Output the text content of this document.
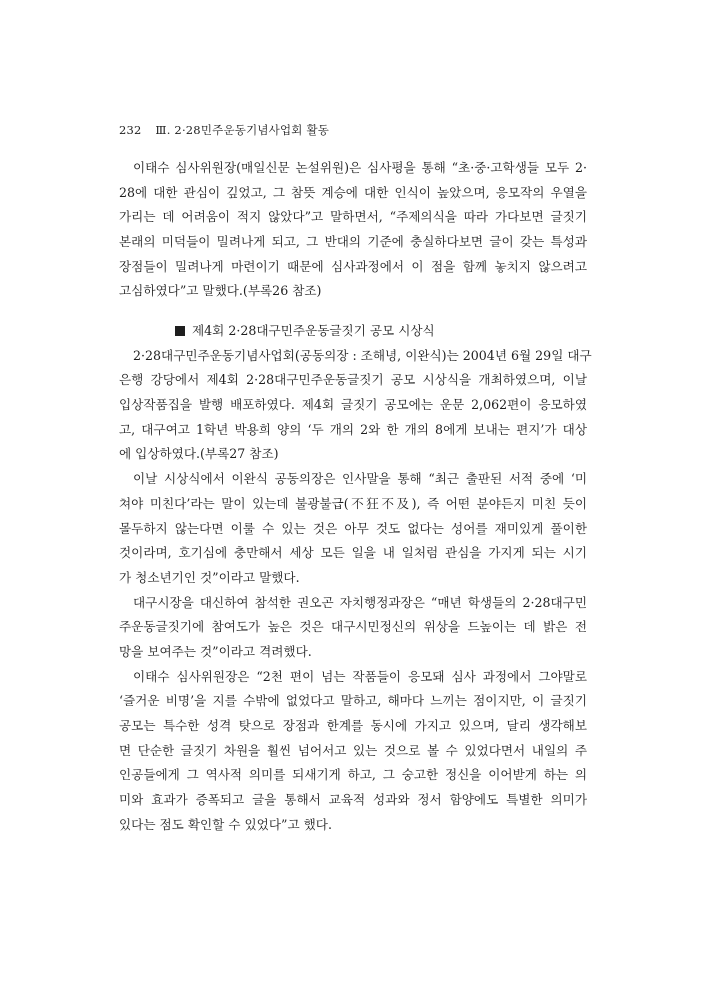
232 Ⅲ. 2·28민주운동기념사업회 활동
이태수 심사위원장(매일신문 논설위원)은 심사평을 통해 “초·중·고학생들 모두 2·
28에 대한 관심이 깊었고, 그 참뜻 계승에 대한 인식이 높았으며, 응모작의 우열을
가리는 데 어려움이 적지 않았다”고 말하면서, “주제의식을 따라 가다보면 글짓기
본래의 미덕들이 밀려나게 되고, 그 반대의 기준에 충실하다보면 글이 갖는 특성과
장점들이 밀려나게 마련이기 때문에 심사과정에서 이 점을 함께 놓치지 않으려고
고심하였다”고 말했다.(부록26 참조)
제4회 2·28대구민주운동글짓기 공모 시상식
2·28대구민주운동기념사업회(공동의장 : 조해녕, 이완식)는 2004년 6월 29일 대구
은행 강당에서 제4회 2·28대구민주운동글짓기 공모 시상식을 개최하였으며, 이날
입상작품집을 발행 배포하였다. 제4회 글짓기 공모에는 운문 2,062편이 응모하였
고, 대구여고 1학년 박용희 양의 ‘두 개의 2와 한 개의 8에게 보내는 편지’가 대상
에 입상하였다.(부록27 참조)
이날 시상식에서 이완식 공동의장은 인사말을 통해 “최근 출판된 서적 중에 ‘미
쳐야 미친다’라는 말이 있는데 불광불급(不狂不及), 즉 어떤 분야든지 미친 듯이
몰두하지 않는다면 이룰 수 있는 것은 아무 것도 없다는 성어를 재미있게 풀이한
것이라며, 호기심에 충만해서 세상 모든 일을 내 일처럼 관심을 가지게 되는 시기
가 청소년기인 것”이라고 말했다.
대구시장을 대신하여 참석한 권오곤 자치행정과장은 “매년 학생들의 2·28대구민
주운동글짓기에 참여도가 높은 것은 대구시민정신의 위상을 드높이는 데 밝은 전
망을 보여주는 것”이라고 격려했다.
이태수 심사위원장은 “2천 편이 넘는 작품들이 응모돼 심사 과정에서 그야말로
‘즐거운 비명’을 지를 수밖에 없었다고 말하고, 해마다 느끼는 점이지만, 이 글짓기
공모는 특수한 성격 탓으로 장점과 한계를 동시에 가지고 있으며, 달리 생각해보
면 단순한 글짓기 차원을 훨씬 넘어서고 있는 것으로 볼 수 있었다면서 내일의 주
인공들에게 그 역사적 의미를 되새기게 하고, 그 숭고한 정신을 이어받게 하는 의
미와 효과가 증폭되고 글을 통해서 교육적 성과와 정서 함양에도 특별한 의미가
있다는 점도 확인할 수 있었다”고 했다.
